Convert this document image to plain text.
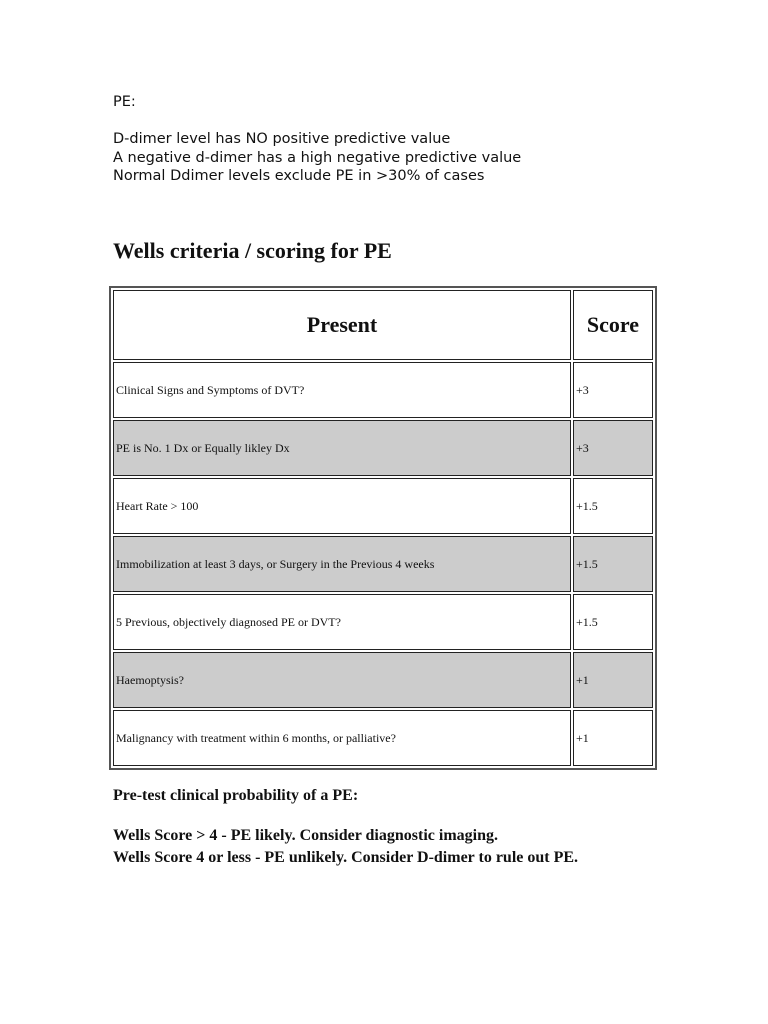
PE:
D-dimer level has NO positive predictive value
A negative d-dimer has a high negative predictive value
Normal Ddimer levels exclude PE in >30% of cases
Wells criteria / scoring for PE
Present	Score
Clinical Signs and Symptoms of DVT?	+3
PE is No. 1 Dx or Equally likley Dx	+3
Heart Rate > 100	+1.5
Immobilization at least 3 days, or Surgery in the Previous 4 weeks	+1.5
5 Previous, objectively diagnosed PE or DVT?	+1.5
Haemoptysis?	+1
Malignancy with treatment within 6 months, or palliative?	+1
Pre-test clinical probability of a PE:
Wells Score > 4 - PE likely. Consider diagnostic imaging.
Wells Score 4 or less - PE unlikely. Consider D-dimer to rule out PE.
